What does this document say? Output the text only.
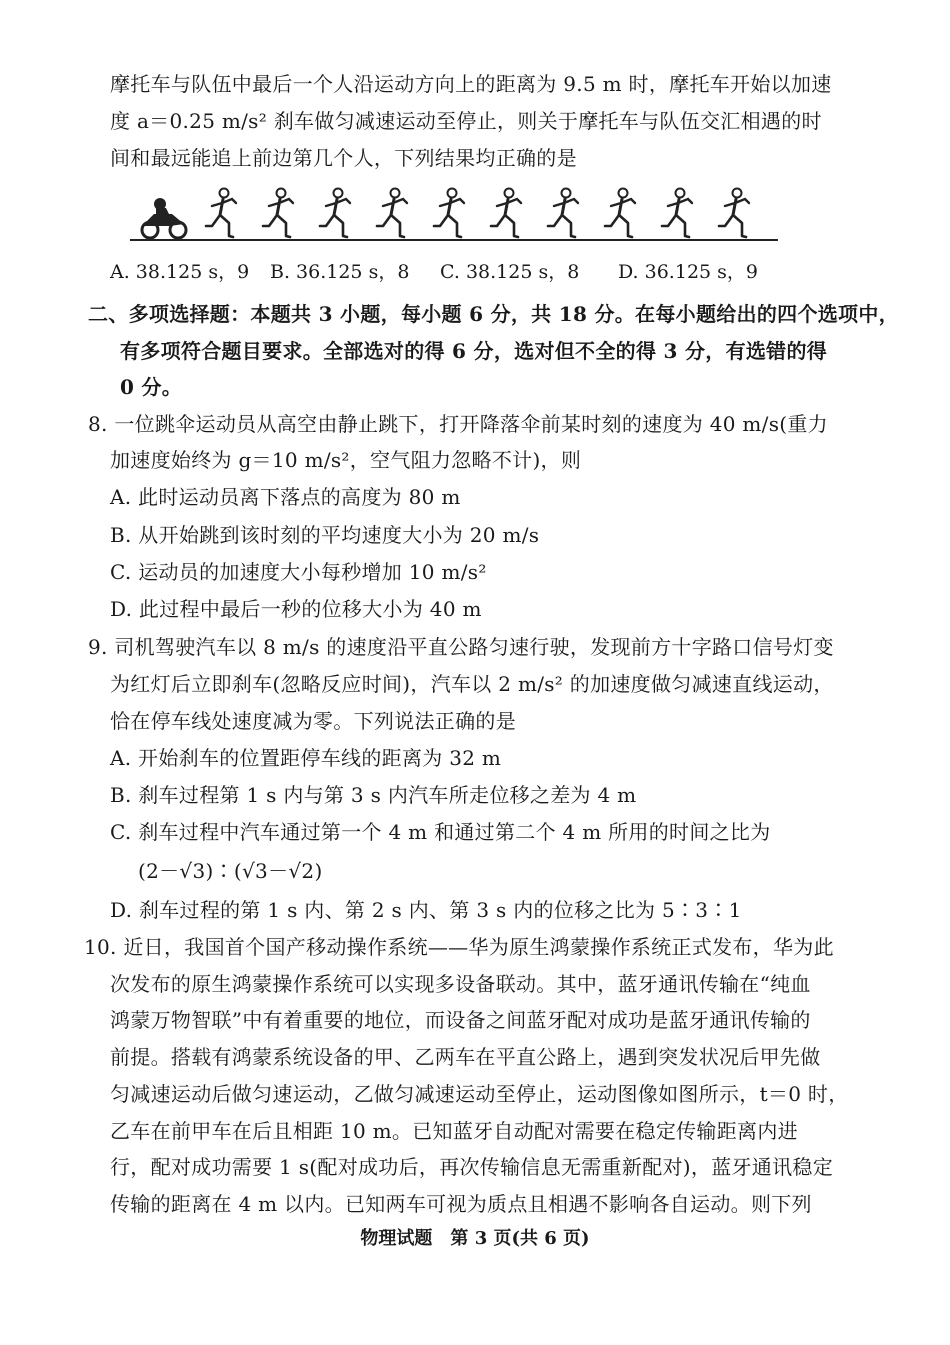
摩托车与队伍中最后一个人沿运动方向上的距离为 9.5 m 时，摩托车开始以加速
度 a＝0.25 m/s² 刹车做匀减速运动至停止，则关于摩托车与队伍交汇相遇的时
间和最远能追上前边第几个人，下列结果均正确的是
A. 38.125 s，9 B. 36.125 s，8 C. 38.125 s，8 D. 36.125 s，9
二、多项选择题：本题共 3 小题，每小题 6 分，共 18 分。在每小题给出的四个选项中，
有多项符合题目要求。全部选对的得 6 分，选对但不全的得 3 分，有选错的得
0 分。
8. 一位跳伞运动员从高空由静止跳下，打开降落伞前某时刻的速度为 40 m/s(重力
加速度始终为 g＝10 m/s²，空气阻力忽略不计)，则
A. 此时运动员离下落点的高度为 80 m
B. 从开始跳到该时刻的平均速度大小为 20 m/s
C. 运动员的加速度大小每秒增加 10 m/s²
D. 此过程中最后一秒的位移大小为 40 m
9. 司机驾驶汽车以 8 m/s 的速度沿平直公路匀速行驶，发现前方十字路口信号灯变
为红灯后立即刹车(忽略反应时间)，汽车以 2 m/s² 的加速度做匀减速直线运动，
恰在停车线处速度减为零。下列说法正确的是
A. 开始刹车的位置距停车线的距离为 32 m
B. 刹车过程第 1 s 内与第 3 s 内汽车所走位移之差为 4 m
C. 刹车过程中汽车通过第一个 4 m 和通过第二个 4 m 所用的时间之比为
(2－√3)∶(√3－√2)
D. 刹车过程的第 1 s 内、第 2 s 内、第 3 s 内的位移之比为 5∶3∶1
10. 近日，我国首个国产移动操作系统——华为原生鸿蒙操作系统正式发布，华为此
次发布的原生鸿蒙操作系统可以实现多设备联动。其中，蓝牙通讯传输在“纯血
鸿蒙万物智联”中有着重要的地位，而设备之间蓝牙配对成功是蓝牙通讯传输的
前提。搭载有鸿蒙系统设备的甲、乙两车在平直公路上，遇到突发状况后甲先做
匀减速运动后做匀速运动，乙做匀减速运动至停止，运动图像如图所示，t＝0 时，
乙车在前甲车在后且相距 10 m。已知蓝牙自动配对需要在稳定传输距离内进
行，配对成功需要 1 s(配对成功后，再次传输信息无需重新配对)，蓝牙通讯稳定
传输的距离在 4 m 以内。已知两车可视为质点且相遇不影响各自运动。则下列
物理试题　第 3 页(共 6 页)
